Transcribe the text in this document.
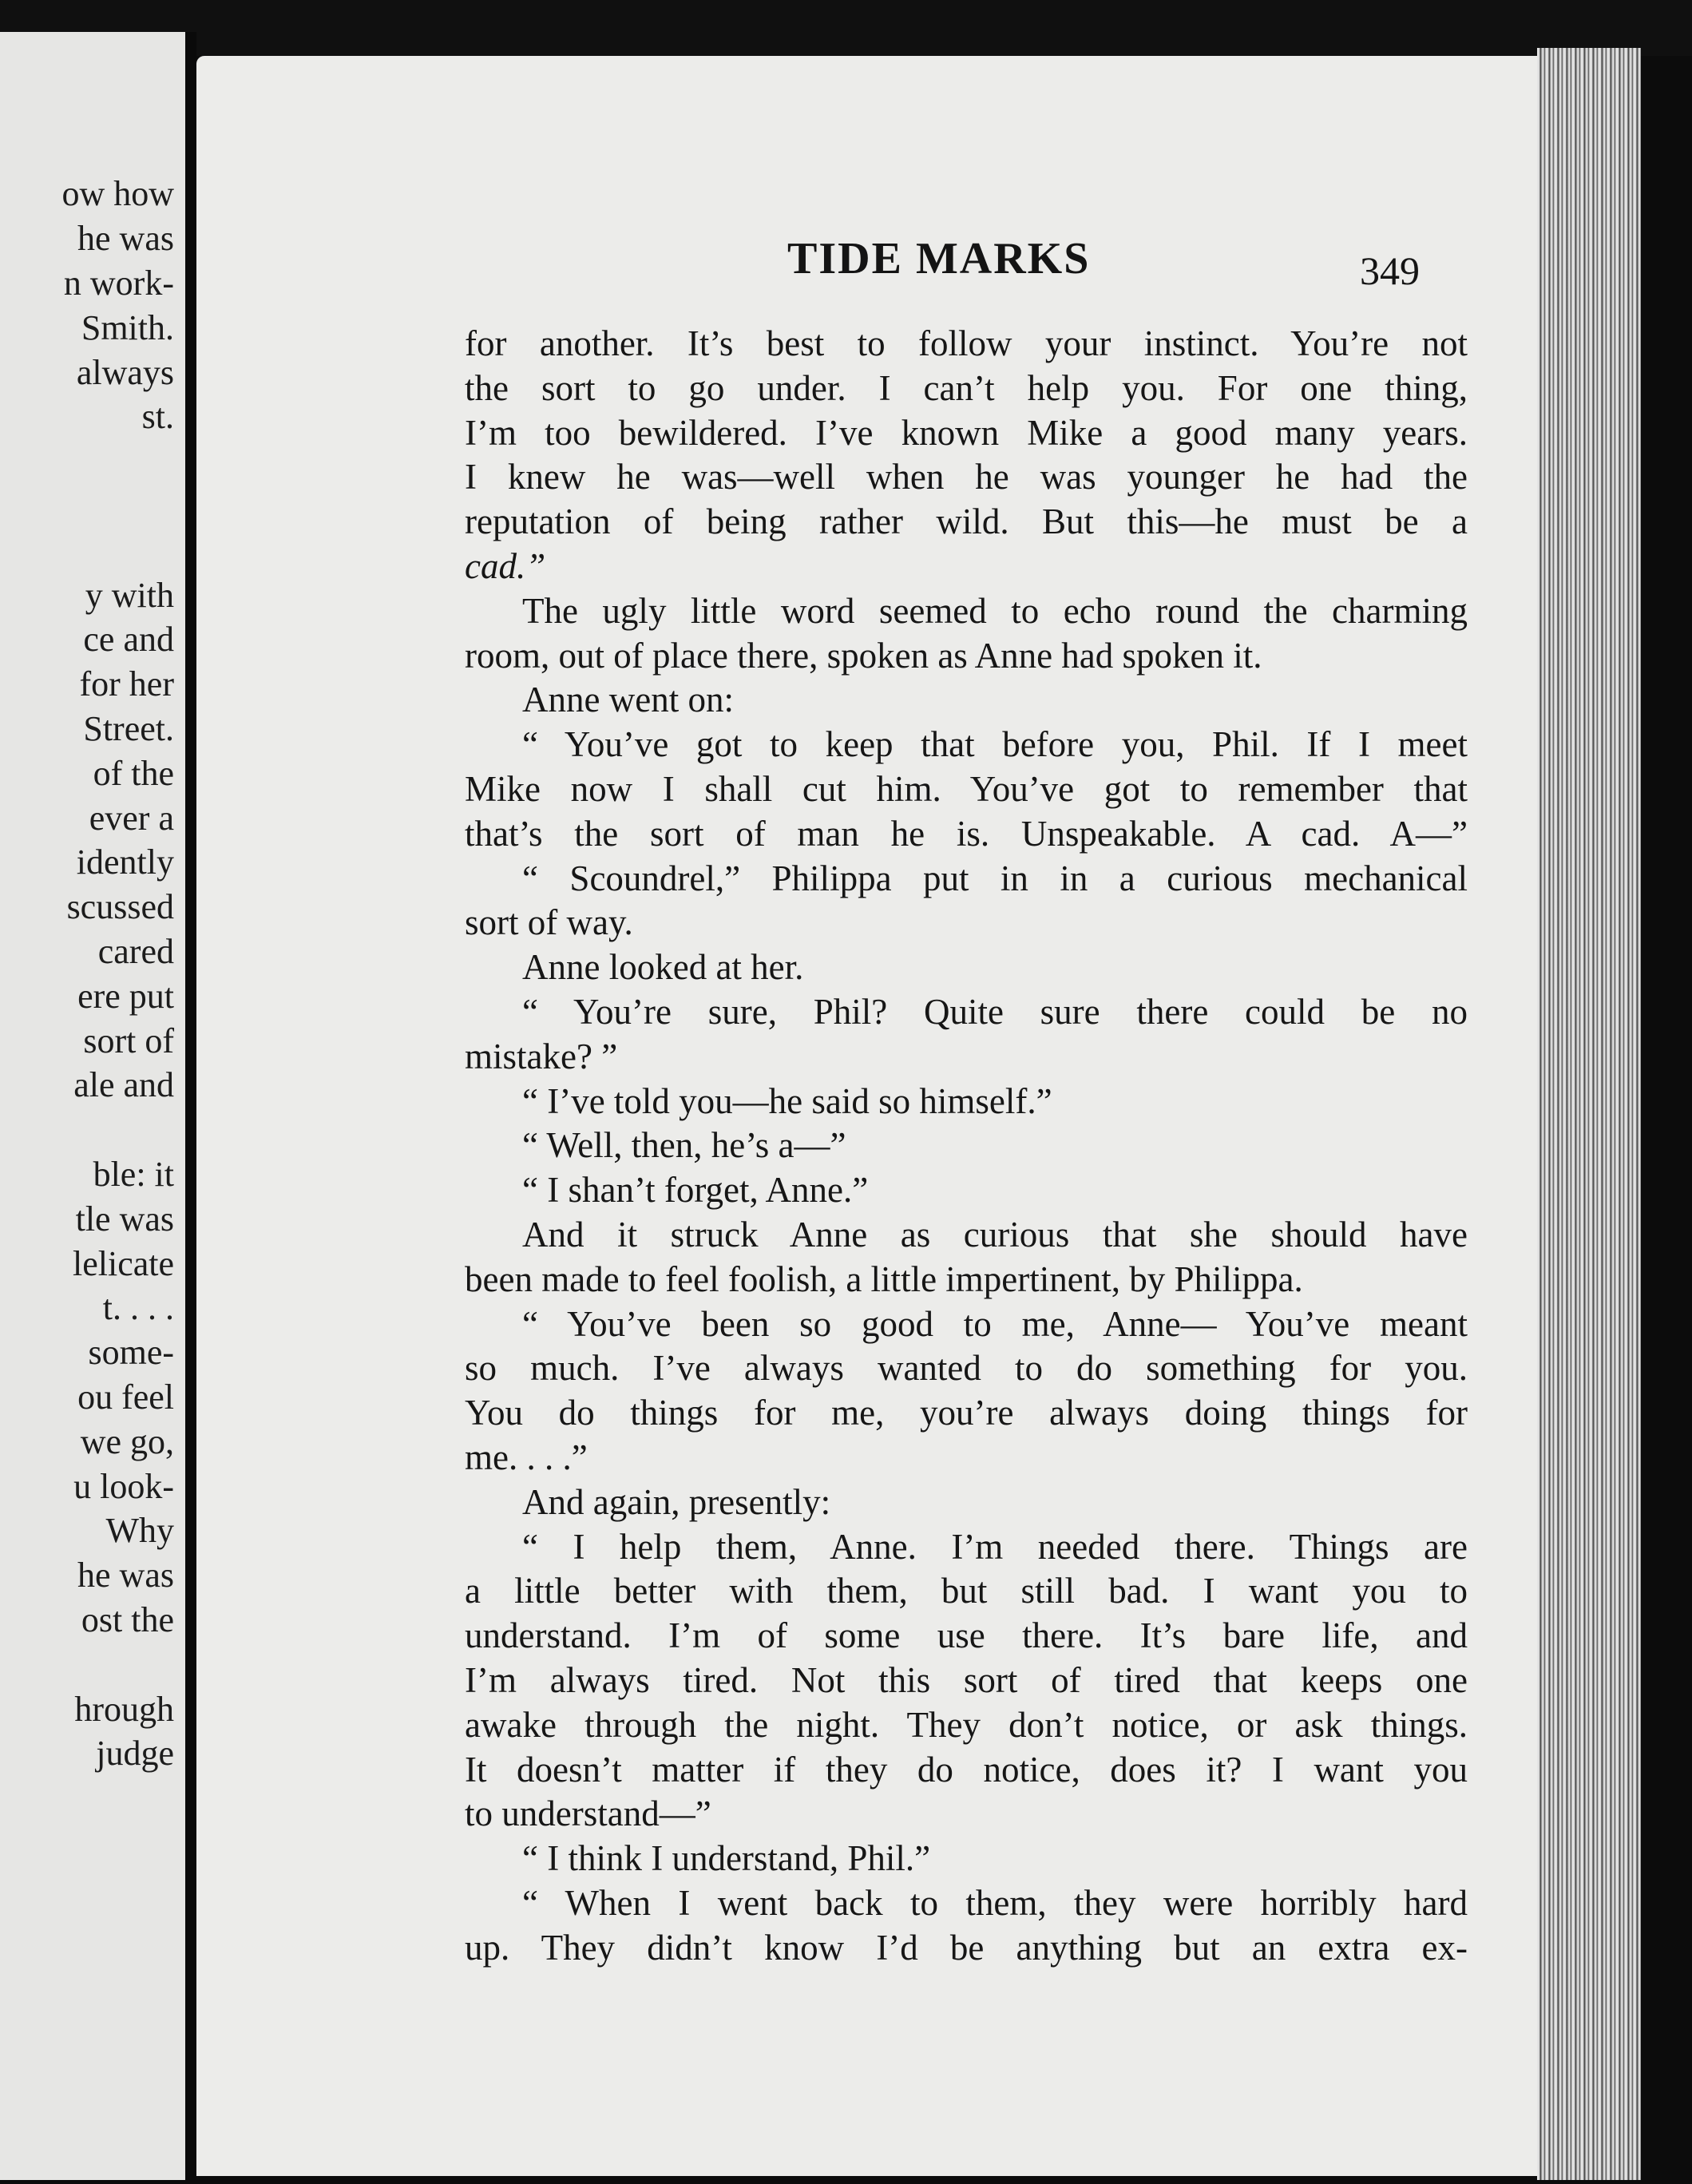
ow how
he was
n work-
Smith.
always
st.
y with
ce and
for her
Street.
of the
ever a
idently
scussed
cared
ere put
sort of
ale and
ble: it
tle was
lelicate
t. . . .
some-
ou feel
we go,
u look-
Why
he was
ost the
hrough
judge
TIDE MARKS	349
for another. It’s best to follow your instinct. You’re not
the sort to go under. I can’t help you. For one thing,
I’m too bewildered. I’ve known Mike a good many years.
I knew he was—well when he was younger he had the
reputation of being rather wild. But this—he must be a
cad.”
The ugly little word seemed to echo round the charming
room, out of place there, spoken as Anne had spoken it.
Anne went on:
“ You’ve got to keep that before you, Phil. If I meet
Mike now I shall cut him. You’ve got to remember that
that’s the sort of man he is. Unspeakable. A cad. A—”
“ Scoundrel,” Philippa put in in a curious mechanical
sort of way.
Anne looked at her.
“ You’re sure, Phil? Quite sure there could be no
mistake? ”
“ I’ve told you—he said so himself.”
“ Well, then, he’s a—”
“ I shan’t forget, Anne.”
And it struck Anne as curious that she should have
been made to feel foolish, a little impertinent, by Philippa.
“ You’ve been so good to me, Anne— You’ve meant
so much. I’ve always wanted to do something for you.
You do things for me, you’re always doing things for
me. . . .”
And again, presently:
“ I help them, Anne. I’m needed there. Things are
a little better with them, but still bad. I want you to
understand. I’m of some use there. It’s bare life, and
I’m always tired. Not this sort of tired that keeps one
awake through the night. They don’t notice, or ask things.
It doesn’t matter if they do notice, does it? I want you
to understand—”
“ I think I understand, Phil.”
“ When I went back to them, they were horribly hard
up. They didn’t know I’d be anything but an extra ex-
